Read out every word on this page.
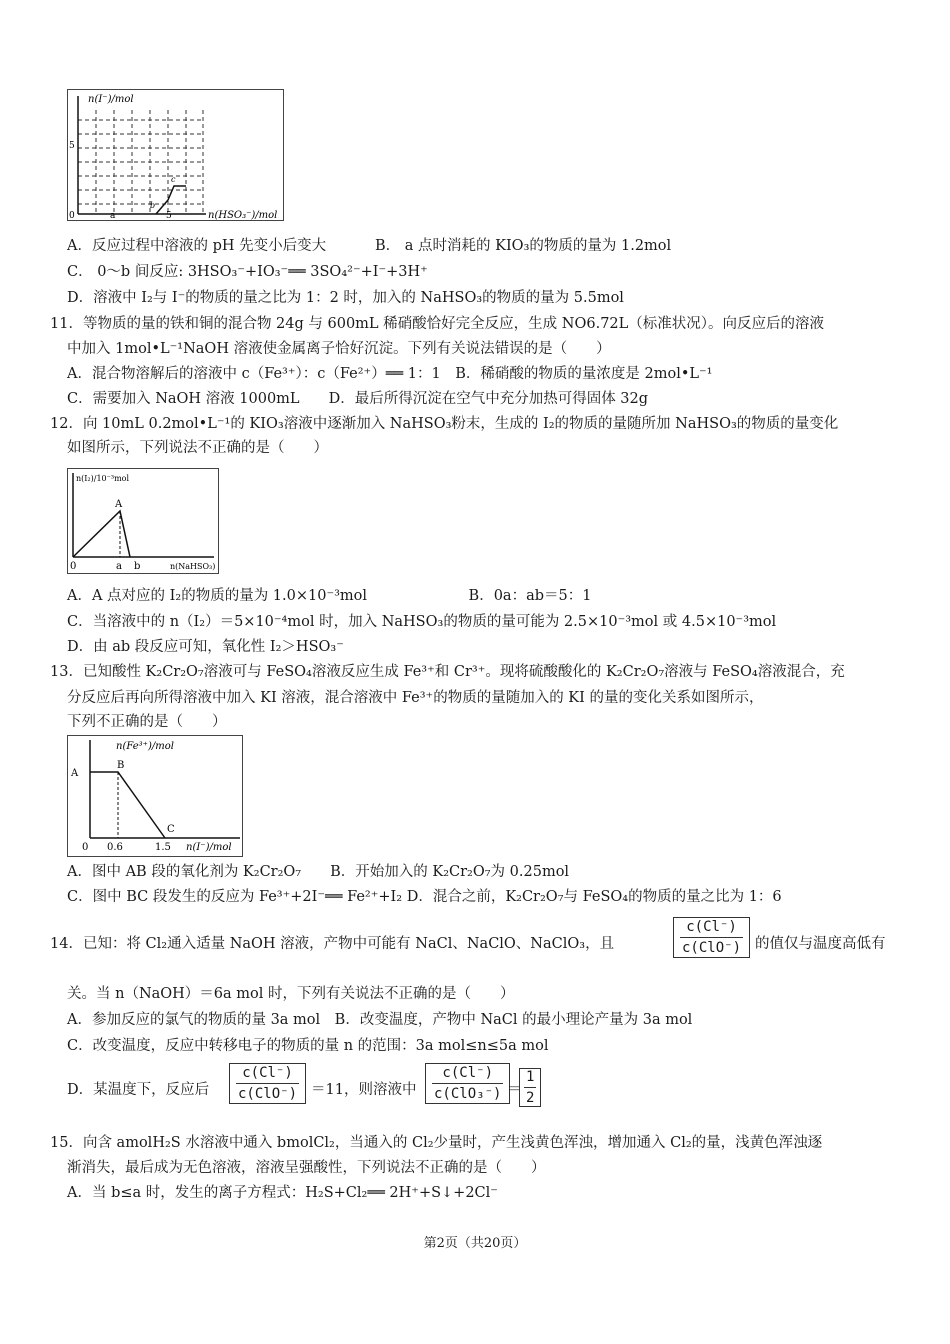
n(I⁻)/mol
n(HSO₃⁻)/mol
0
5
a	5
b
c
A．反应过程中溶液的 pH 先变小后变大	B． a 点时消耗的 KIO₃的物质的量为 1.2mol
C． 0～b 间反应: 3HSO₃⁻+IO₃⁻══ 3SO₄²⁻+I⁻+3H⁺
D．溶液中 I₂与 I⁻的物质的量之比为 1：2 时，加入的 NaHSO₃的物质的量为 5.5mol
11．等物质的量的铁和铜的混合物 24g 与 600mL 稀硝酸恰好完全反应，生成 NO6.72L（标准状况）。向反应后的溶液
中加入 1mol•L⁻¹NaOH 溶液使金属离子恰好沉淀。下列有关说法错误的是（　　）
A．混合物溶解后的溶液中 c（Fe³⁺）：c（Fe²⁺）══ 1：1　B．稀硝酸的物质的量浓度是 2mol•L⁻¹
C．需要加入 NaOH 溶液 1000mL　　D．最后所得沉淀在空气中充分加热可得固体 32g
12．向 10mL 0.2mol•L⁻¹的 KIO₃溶液中逐渐加入 NaHSO₃粉末，生成的 I₂的物质的量随所加 NaHSO₃的物质的量变化
如图所示，下列说法不正确的是（　　）
n(I₂)/10⁻³mol
n(NaHSO₃)
0
A
a b
A．A 点对应的 I₂的物质的量为 1.0×10⁻³mol　　　　　　　B．0a：ab＝5：1
C．当溶液中的 n（I₂）＝5×10⁻⁴mol 时，加入 NaHSO₃的物质的量可能为 2.5×10⁻³mol 或 4.5×10⁻³mol
D．由 ab 段反应可知，氧化性 I₂＞HSO₃⁻
13．已知酸性 K₂Cr₂O₇溶液可与 FeSO₄溶液反应生成 Fe³⁺和 Cr³⁺。现将硫酸酸化的 K₂Cr₂O₇溶液与 FeSO₄溶液混合，充
分反应后再向所得溶液中加入 KI 溶液，混合溶液中 Fe³⁺的物质的量随加入的 KI 的量的变化关系如图所示，
下列不正确的是（　　）
n(Fe³⁺)/mol
A
B
C
0 0.6	1.5 n(I⁻)/mol
A．图中 AB 段的氧化剂为 K₂Cr₂O₇　　B．开始加入的 K₂Cr₂O₇为 0.25mol
C．图中 BC 段发生的反应为 Fe³⁺+2I⁻══ Fe²⁺+I₂ D．混合之前，K₂Cr₂O₇与 FeSO₄的物质的量之比为 1：6
14．已知：将 Cl₂通入适量 NaOH 溶液，产物中可能有 NaCl、NaClO、NaClO₃，且
c(Cl⁻)
c(ClO⁻) 的值仅与温度高低有
关。当 n（NaOH）＝6a mol 时，下列有关说法不正确的是（　　）
A．参加反应的氯气的物质的量 3a mol　B．改变温度，产物中 NaCl 的最小理论产量为 3a mol
C．改变温度，反应中转移电子的物质的量 n 的范围：3a mol≤n≤5a mol
D．某温度下，反应后
c(Cl⁻)
c(ClO⁻) ＝11，则溶液中
c(Cl⁻)
c(ClO₃⁻) ＝
$\frac{1}{2}$
15．向含 amolH₂S 水溶液中通入 bmolCl₂，当通入的 Cl₂少量时，产生浅黄色浑浊，增加通入 Cl₂的量，浅黄色浑浊逐
渐消失，最后成为无色溶液，溶液呈强酸性，下列说法不正确的是（　　）
A．当 b≤a 时，发生的离子方程式：H₂S+Cl₂══ 2H⁺+S↓+2Cl⁻
第2页（共20页）
